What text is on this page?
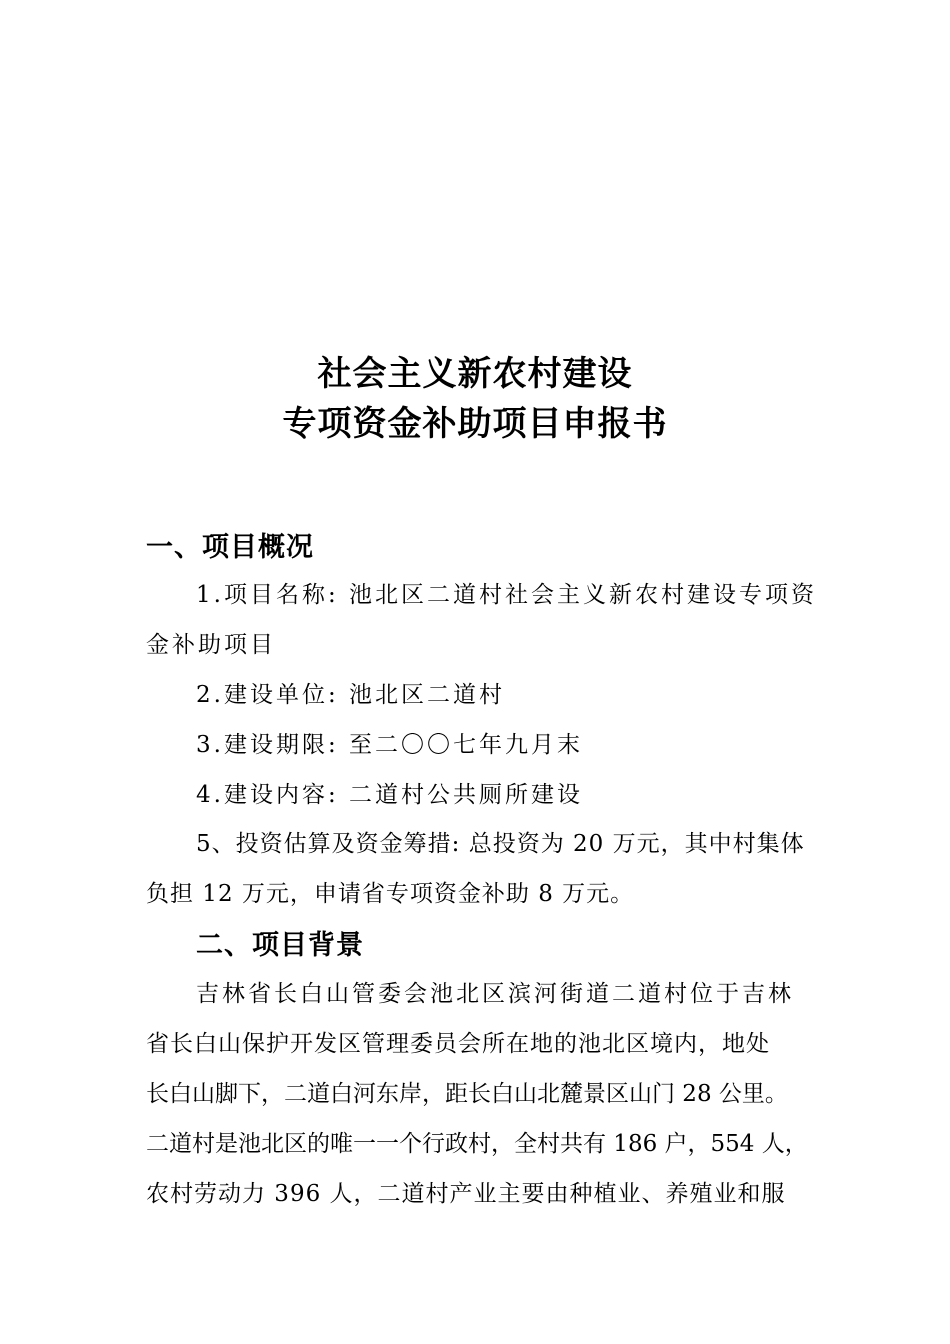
社会主义新农村建设
专项资金补助项目申报书
一、项目概况
1.项目名称: 池北区二道村社会主义新农村建设专项资
金补助项目
2.建设单位: 池北区二道村
3.建设期限: 至二〇〇七年九月末
4.建设内容: 二道村公共厕所建设
5、投资估算及资金筹措: 总投资为 20 万元，其中村集体
负担 12 万元，申请省专项资金补助 8 万元。
二、项目背景
吉林省长白山管委会池北区滨河街道二道村位于吉林
省长白山保护开发区管理委员会所在地的池北区境内，地处
长白山脚下，二道白河东岸，距长白山北麓景区山门 28 公里。
二道村是池北区的唯一一个行政村，全村共有 186 户，554 人，
农村劳动力 396 人，二道村产业主要由种植业、养殖业和服
